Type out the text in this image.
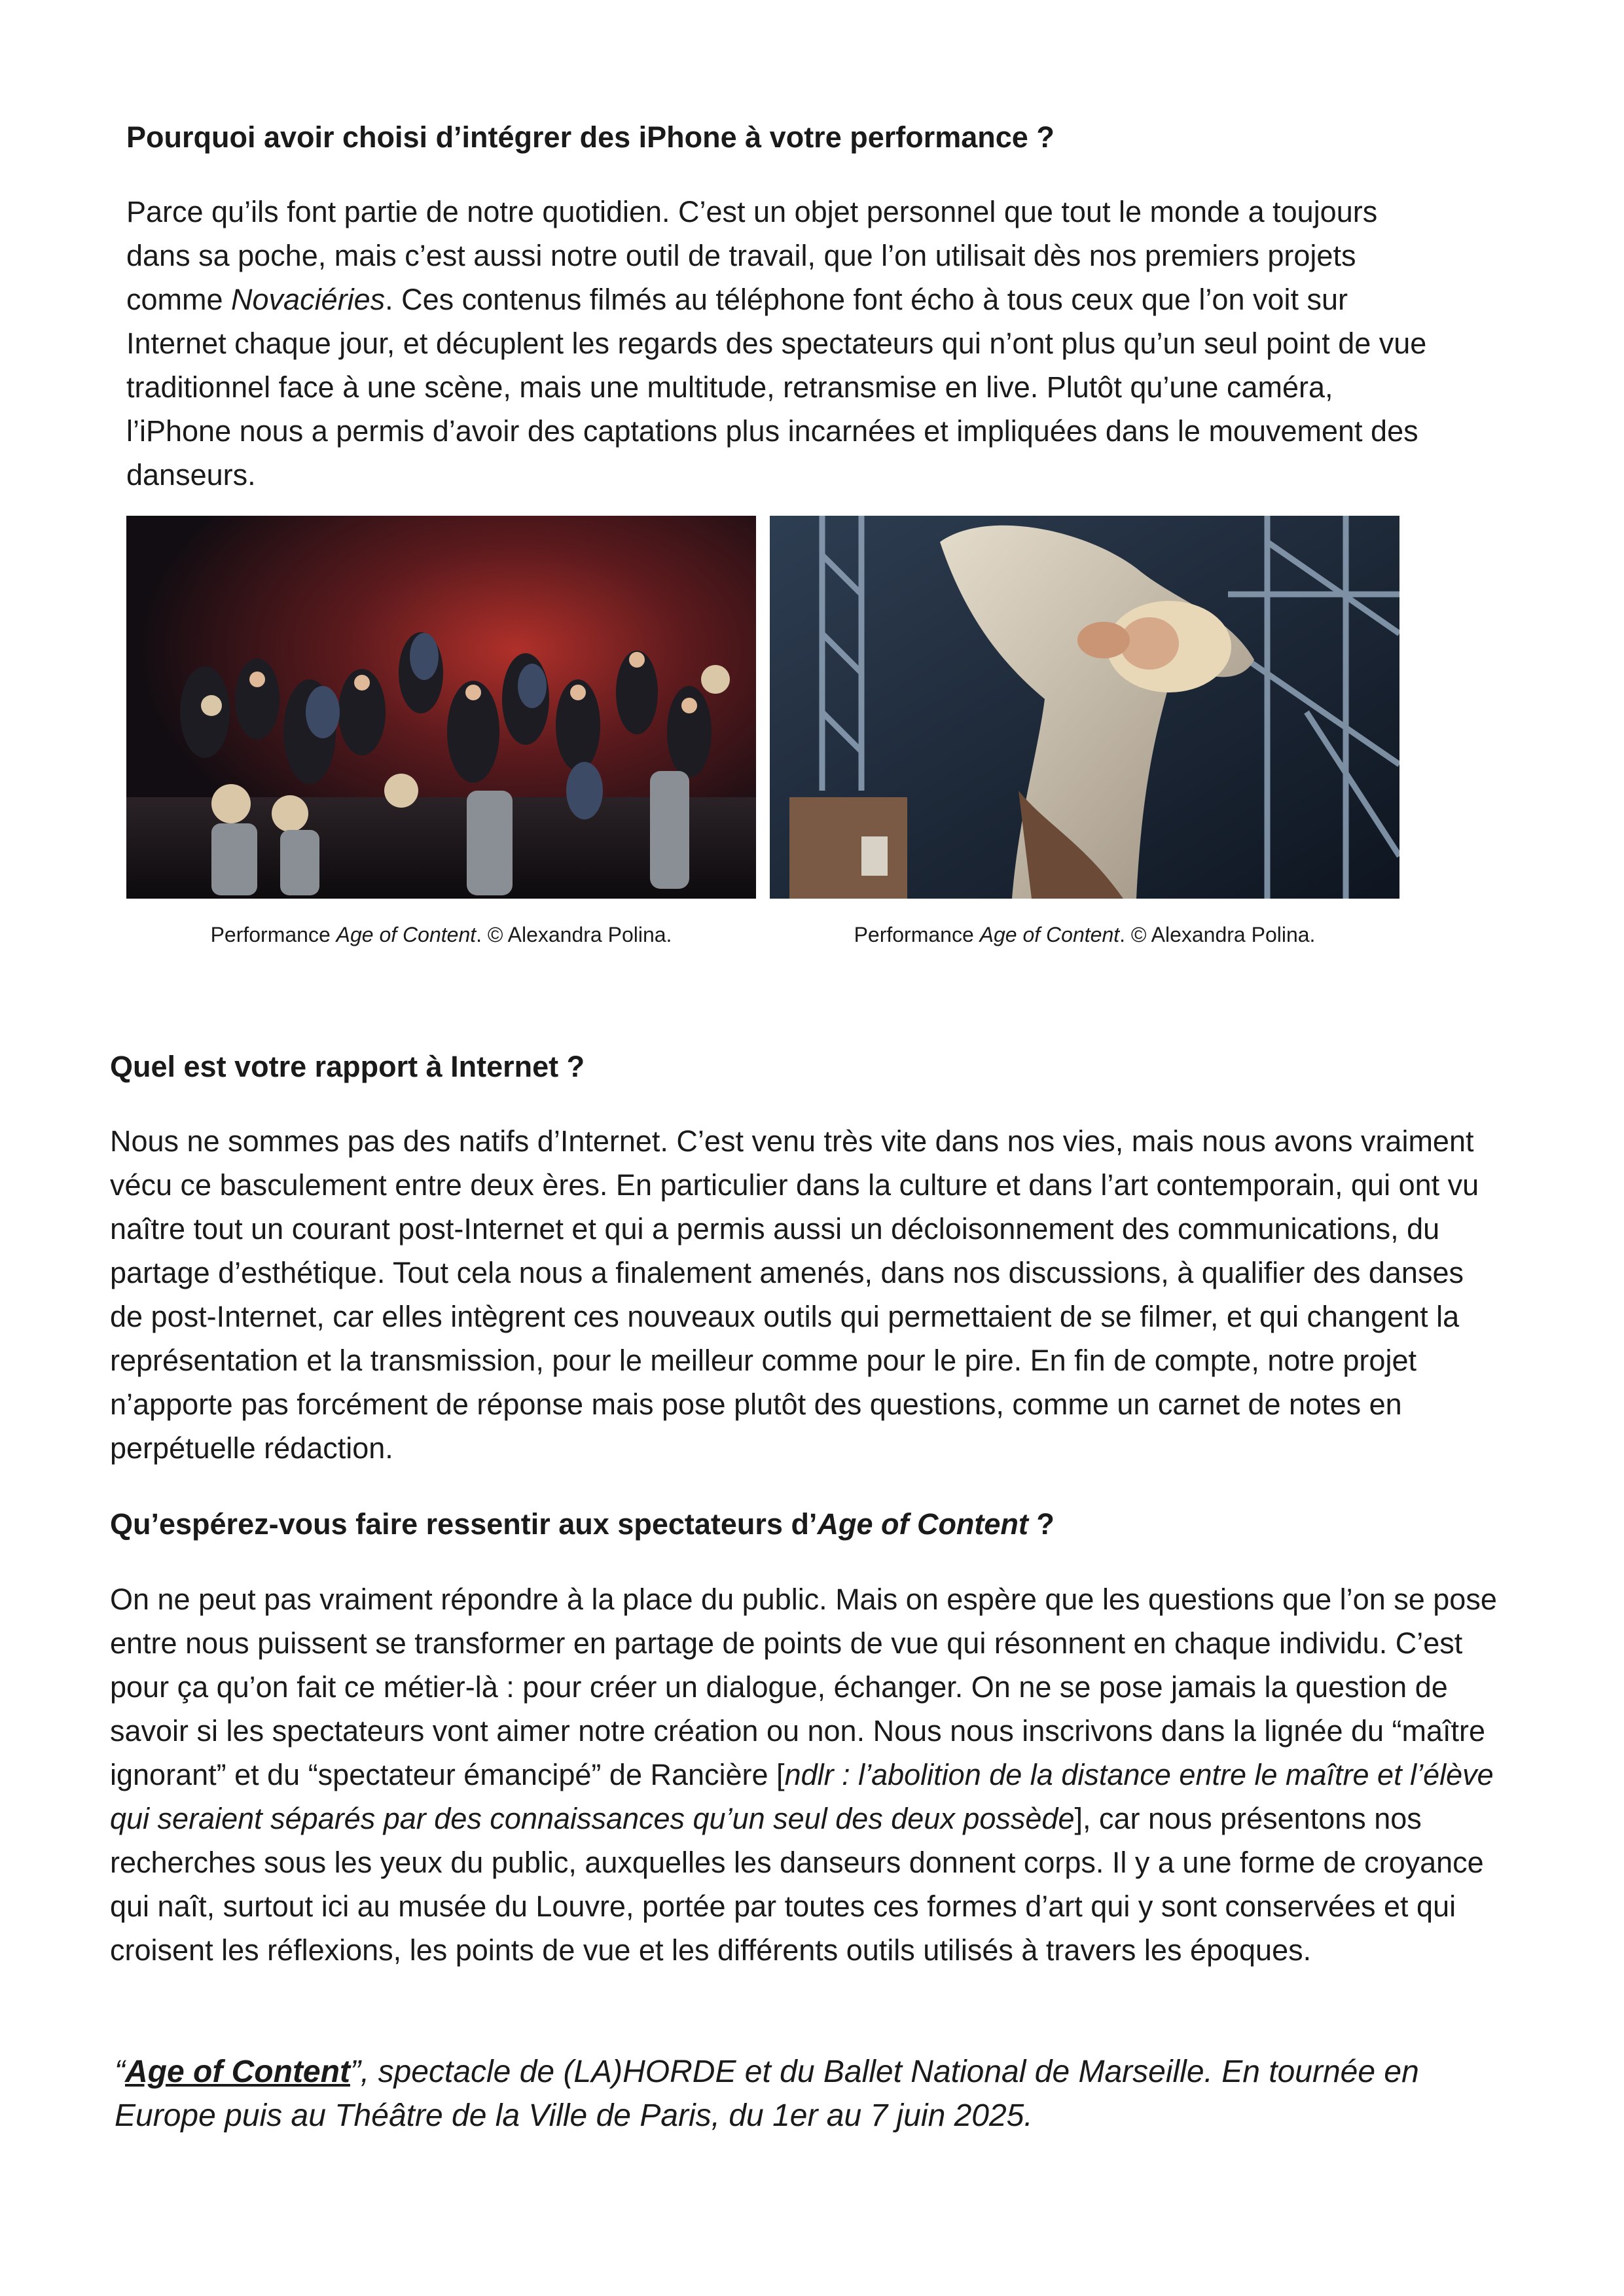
Pourquoi avoir choisi d’intégrer des iPhone à votre performance ?

Parce qu’ils font partie de notre quotidien. C’est un objet personnel que tout le monde a toujours dans sa poche, mais c’est aussi notre outil de travail, que l’on utilisait dès nos premiers projets comme Novaciéries. Ces contenus filmés au téléphone font écho à tous ceux que l’on voit sur Internet chaque jour, et décuplent les regards des spectateurs qui n’ont plus qu’un seul point de vue traditionnel face à une scène, mais une multitude, retransmise en live. Plutôt qu’une caméra, l’iPhone nous a permis d’avoir des captations plus incarnées et impliquées dans le mouvement des danseurs.

Performance Age of Content. © Alexandra Polina.	Performance Age of Content. © Alexandra Polina.
Quel est votre rapport à Internet ?

Nous ne sommes pas des natifs d’Internet. C’est venu très vite dans nos vies, mais nous avons vraiment vécu ce basculement entre deux ères. En particulier dans la culture et dans l’art contemporain, qui ont vu naître tout un courant post-Internet et qui a permis aussi un décloisonnement des communications, du partage d’esthétique. Tout cela nous a finalement amenés, dans nos discussions, à qualifier des danses de post-Internet, car elles intègrent ces nouveaux outils qui permettaient de se filmer, et qui changent la représentation et la transmission, pour le meilleur comme pour le pire. En fin de compte, notre projet n’apporte pas forcément de réponse mais pose plutôt des questions, comme un carnet de notes en perpétuelle rédaction.

Qu’espérez-vous faire ressentir aux spectateurs d’Age of Content ?

On ne peut pas vraiment répondre à la place du public. Mais on espère que les questions que l’on se pose entre nous puissent se transformer en partage de points de vue qui résonnent en chaque individu. C’est pour ça qu’on fait ce métier-là : pour créer un dialogue, échanger. On ne se pose jamais la question de savoir si les spectateurs vont aimer notre création ou non. Nous nous inscrivons dans la lignée du “maître ignorant” et du “spectateur émancipé” de Rancière [ndlr : l’abolition de la distance entre le maître et l’élève qui seraient séparés par des connaissances qu’un seul des deux possède], car nous présentons nos recherches sous les yeux du public, auxquelles les danseurs donnent corps. Il y a une forme de croyance qui naît, surtout ici au musée du Louvre, portée par toutes ces formes d’art qui y sont conservées et qui croisent les réflexions, les points de vue et les différents outils utilisés à travers les époques.

“Age of Content”, spectacle de (LA)HORDE et du Ballet National de Marseille. En tournée en Europe puis au Théâtre de la Ville de Paris, du 1er au 7 juin 2025.
